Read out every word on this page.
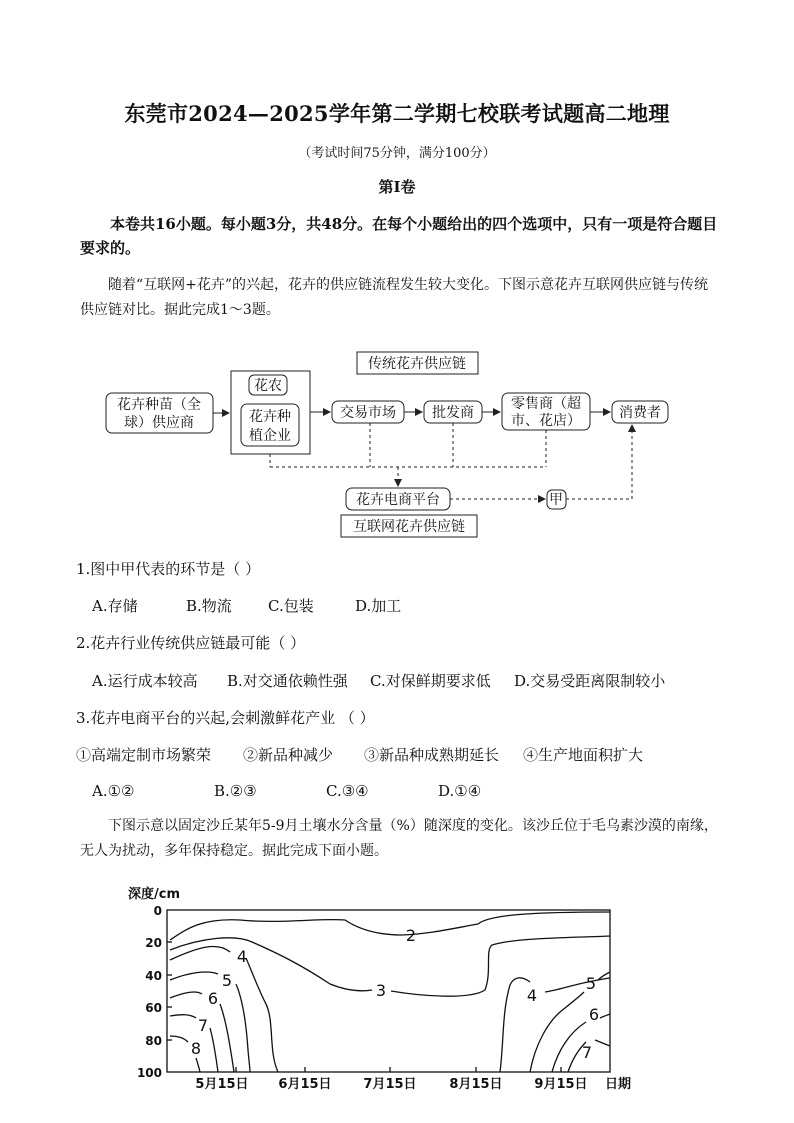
东莞市2024—2025学年第二学期七校联考试题高二地理
（考试时间75分钟，满分100分）
第Ⅰ卷
本卷共16小题。每小题3分，共48分。在每个小题给出的四个选项中，只有一项是符合题目要求的。
随着“互联网+花卉”的兴起，花卉的供应链流程发生较大变化。下图示意花卉互联网供应链与传统供应链对比。据此完成1～3题。
传统花卉供应链
花卉种苗（全
球）供应商
花农
花卉种
植企业
交易市场	批发商
零售商（超
市、花店）	消费者
花卉电商平台	甲
互联网花卉供应链
1.图中甲代表的环节是（ ）
A.存储	B.物流 C.包装	D.加工
2.花卉行业传统供应链最可能（ ）
A.运行成本较高 B.对交通依赖性强 C.对保鲜期要求低 D.交易受距离限制较小
3.花卉电商平台的兴起,会刺激鲜花产业 （ ）
①高端定制市场繁荣 ②新品种减少 ③新品种成熟期延长 ④生产地面积扩大
A.①②	B.②③	C.③④	D.①④
下图示意以固定沙丘某年5-9月土壤水分含量（%）随深度的变化。该沙丘位于毛乌素沙漠的南缘，无人为扰动，多年保持稳定。据此完成下面小题。
深度/cm
0
20
40
60
80
100
5月15日 6月15日 7月15日	8月15日 9月15日 日期
2
3
4
4
5	5
6
6
7
7
8
